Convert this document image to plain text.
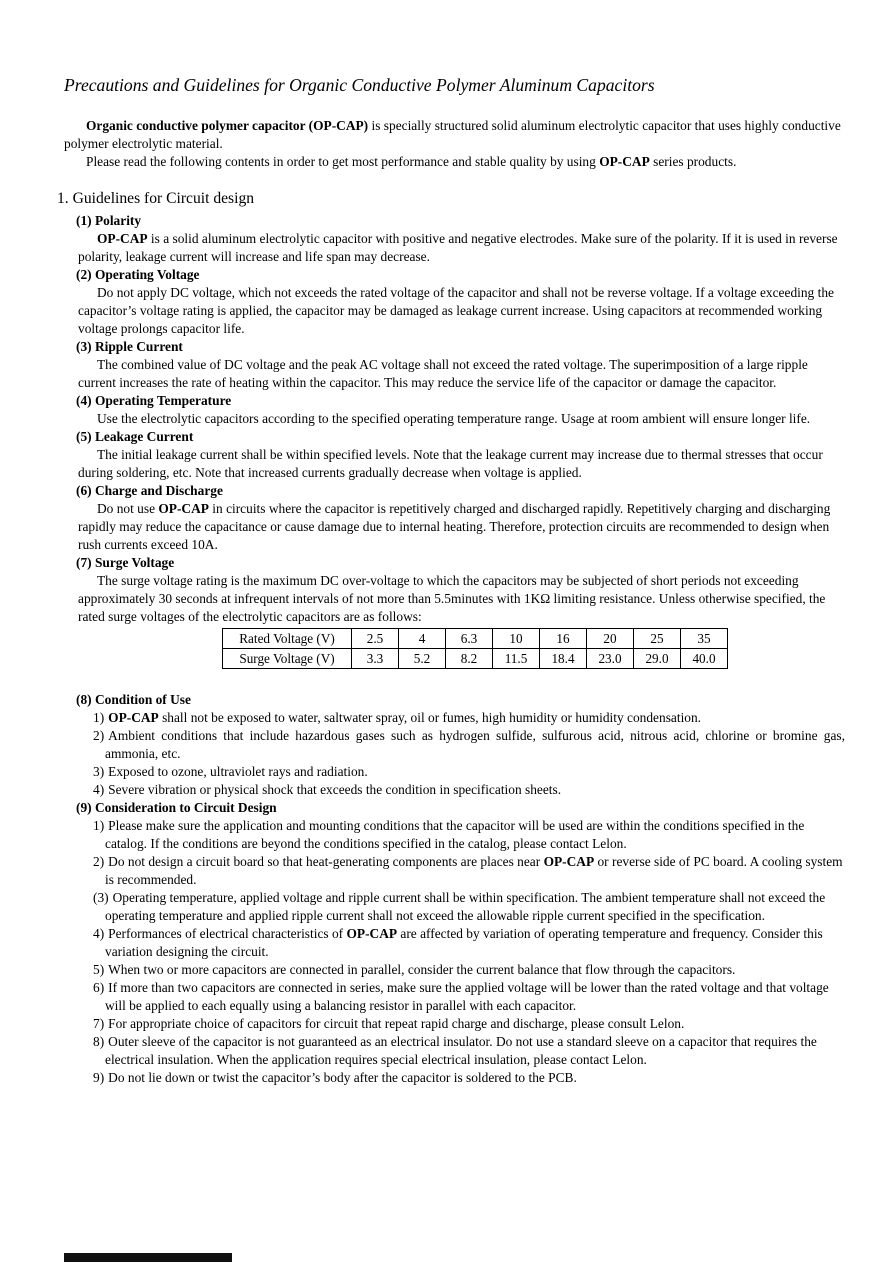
Precautions and Guidelines for Organic Conductive Polymer Aluminum Capacitors
Organic conductive polymer capacitor (OP-CAP) is specially structured solid aluminum electrolytic capacitor that uses highly conductive polymer electrolytic material.
Please read the following contents in order to get most performance and stable quality by using OP-CAP series products.
1. Guidelines for Circuit design
(1) Polarity
OP-CAP is a solid aluminum electrolytic capacitor with positive and negative electrodes. Make sure of the polarity. If it is used in reverse polarity, leakage current will increase and life span may decrease.
(2) Operating Voltage
Do not apply DC voltage, which not exceeds the rated voltage of the capacitor and shall not be reverse voltage. If a voltage exceeding the capacitor’s voltage rating is applied, the capacitor may be damaged as leakage current increase. Using capacitors at recommended working voltage prolongs capacitor life.
(3) Ripple Current
The combined value of DC voltage and the peak AC voltage shall not exceed the rated voltage. The superimposition of a large ripple current increases the rate of heating within the capacitor. This may reduce the service life of the capacitor or damage the capacitor.
(4) Operating Temperature
Use the electrolytic capacitors according to the specified operating temperature range. Usage at room ambient will ensure longer life.
(5) Leakage Current
The initial leakage current shall be within specified levels. Note that the leakage current may increase due to thermal stresses that occur during soldering, etc. Note that increased currents gradually decrease when voltage is applied.
(6) Charge and Discharge
Do not use OP-CAP in circuits where the capacitor is repetitively charged and discharged rapidly. Repetitively charging and discharging rapidly may reduce the capacitance or cause damage due to internal heating. Therefore, protection circuits are recommended to design when rush currents exceed 10A.
(7) Surge Voltage
The surge voltage rating is the maximum DC over-voltage to which the capacitors may be subjected of short periods not exceeding approximately 30 seconds at infrequent intervals of not more than 5.5minutes with 1KΩ limiting resistance. Unless otherwise specified, the rated surge voltages of the electrolytic capacitors are as follows:
Rated Voltage (V)	2.5	4	6.3	10	16	20	25	35
Surge Voltage (V)	3.3	5.2	8.2	11.5	18.4	23.0	29.0	40.0
(8) Condition of Use
1) OP-CAP shall not be exposed to water, saltwater spray, oil or fumes, high humidity or humidity condensation.
2) Ambient conditions that include hazardous gases such as hydrogen sulfide, sulfurous acid, nitrous acid, chlorine or bromine gas, ammonia, etc.
3) Exposed to ozone, ultraviolet rays and radiation.
4) Severe vibration or physical shock that exceeds the condition in specification sheets.
(9) Consideration to Circuit Design
1) Please make sure the application and mounting conditions that the capacitor will be used are within the conditions specified in the catalog. If the conditions are beyond the conditions specified in the catalog, please contact Lelon.
2) Do not design a circuit board so that heat-generating components are places near OP-CAP or reverse side of PC board. A cooling system is recommended.
(3) Operating temperature, applied voltage and ripple current shall be within specification. The ambient temperature shall not exceed the operating temperature and applied ripple current shall not exceed the allowable ripple current specified in the specification.
4) Performances of electrical characteristics of OP-CAP are affected by variation of operating temperature and frequency. Consider this variation designing the circuit.
5) When two or more capacitors are connected in parallel, consider the current balance that flow through the capacitors.
6) If more than two capacitors are connected in series, make sure the applied voltage will be lower than the rated voltage and that voltage will be applied to each equally using a balancing resistor in parallel with each capacitor.
7) For appropriate choice of capacitors for circuit that repeat rapid charge and discharge, please consult Lelon.
8) Outer sleeve of the capacitor is not guaranteed as an electrical insulator. Do not use a standard sleeve on a capacitor that requires the electrical insulation. When the application requires special electrical insulation, please contact Lelon.
9) Do not lie down or twist the capacitor’s body after the capacitor is soldered to the PCB.
